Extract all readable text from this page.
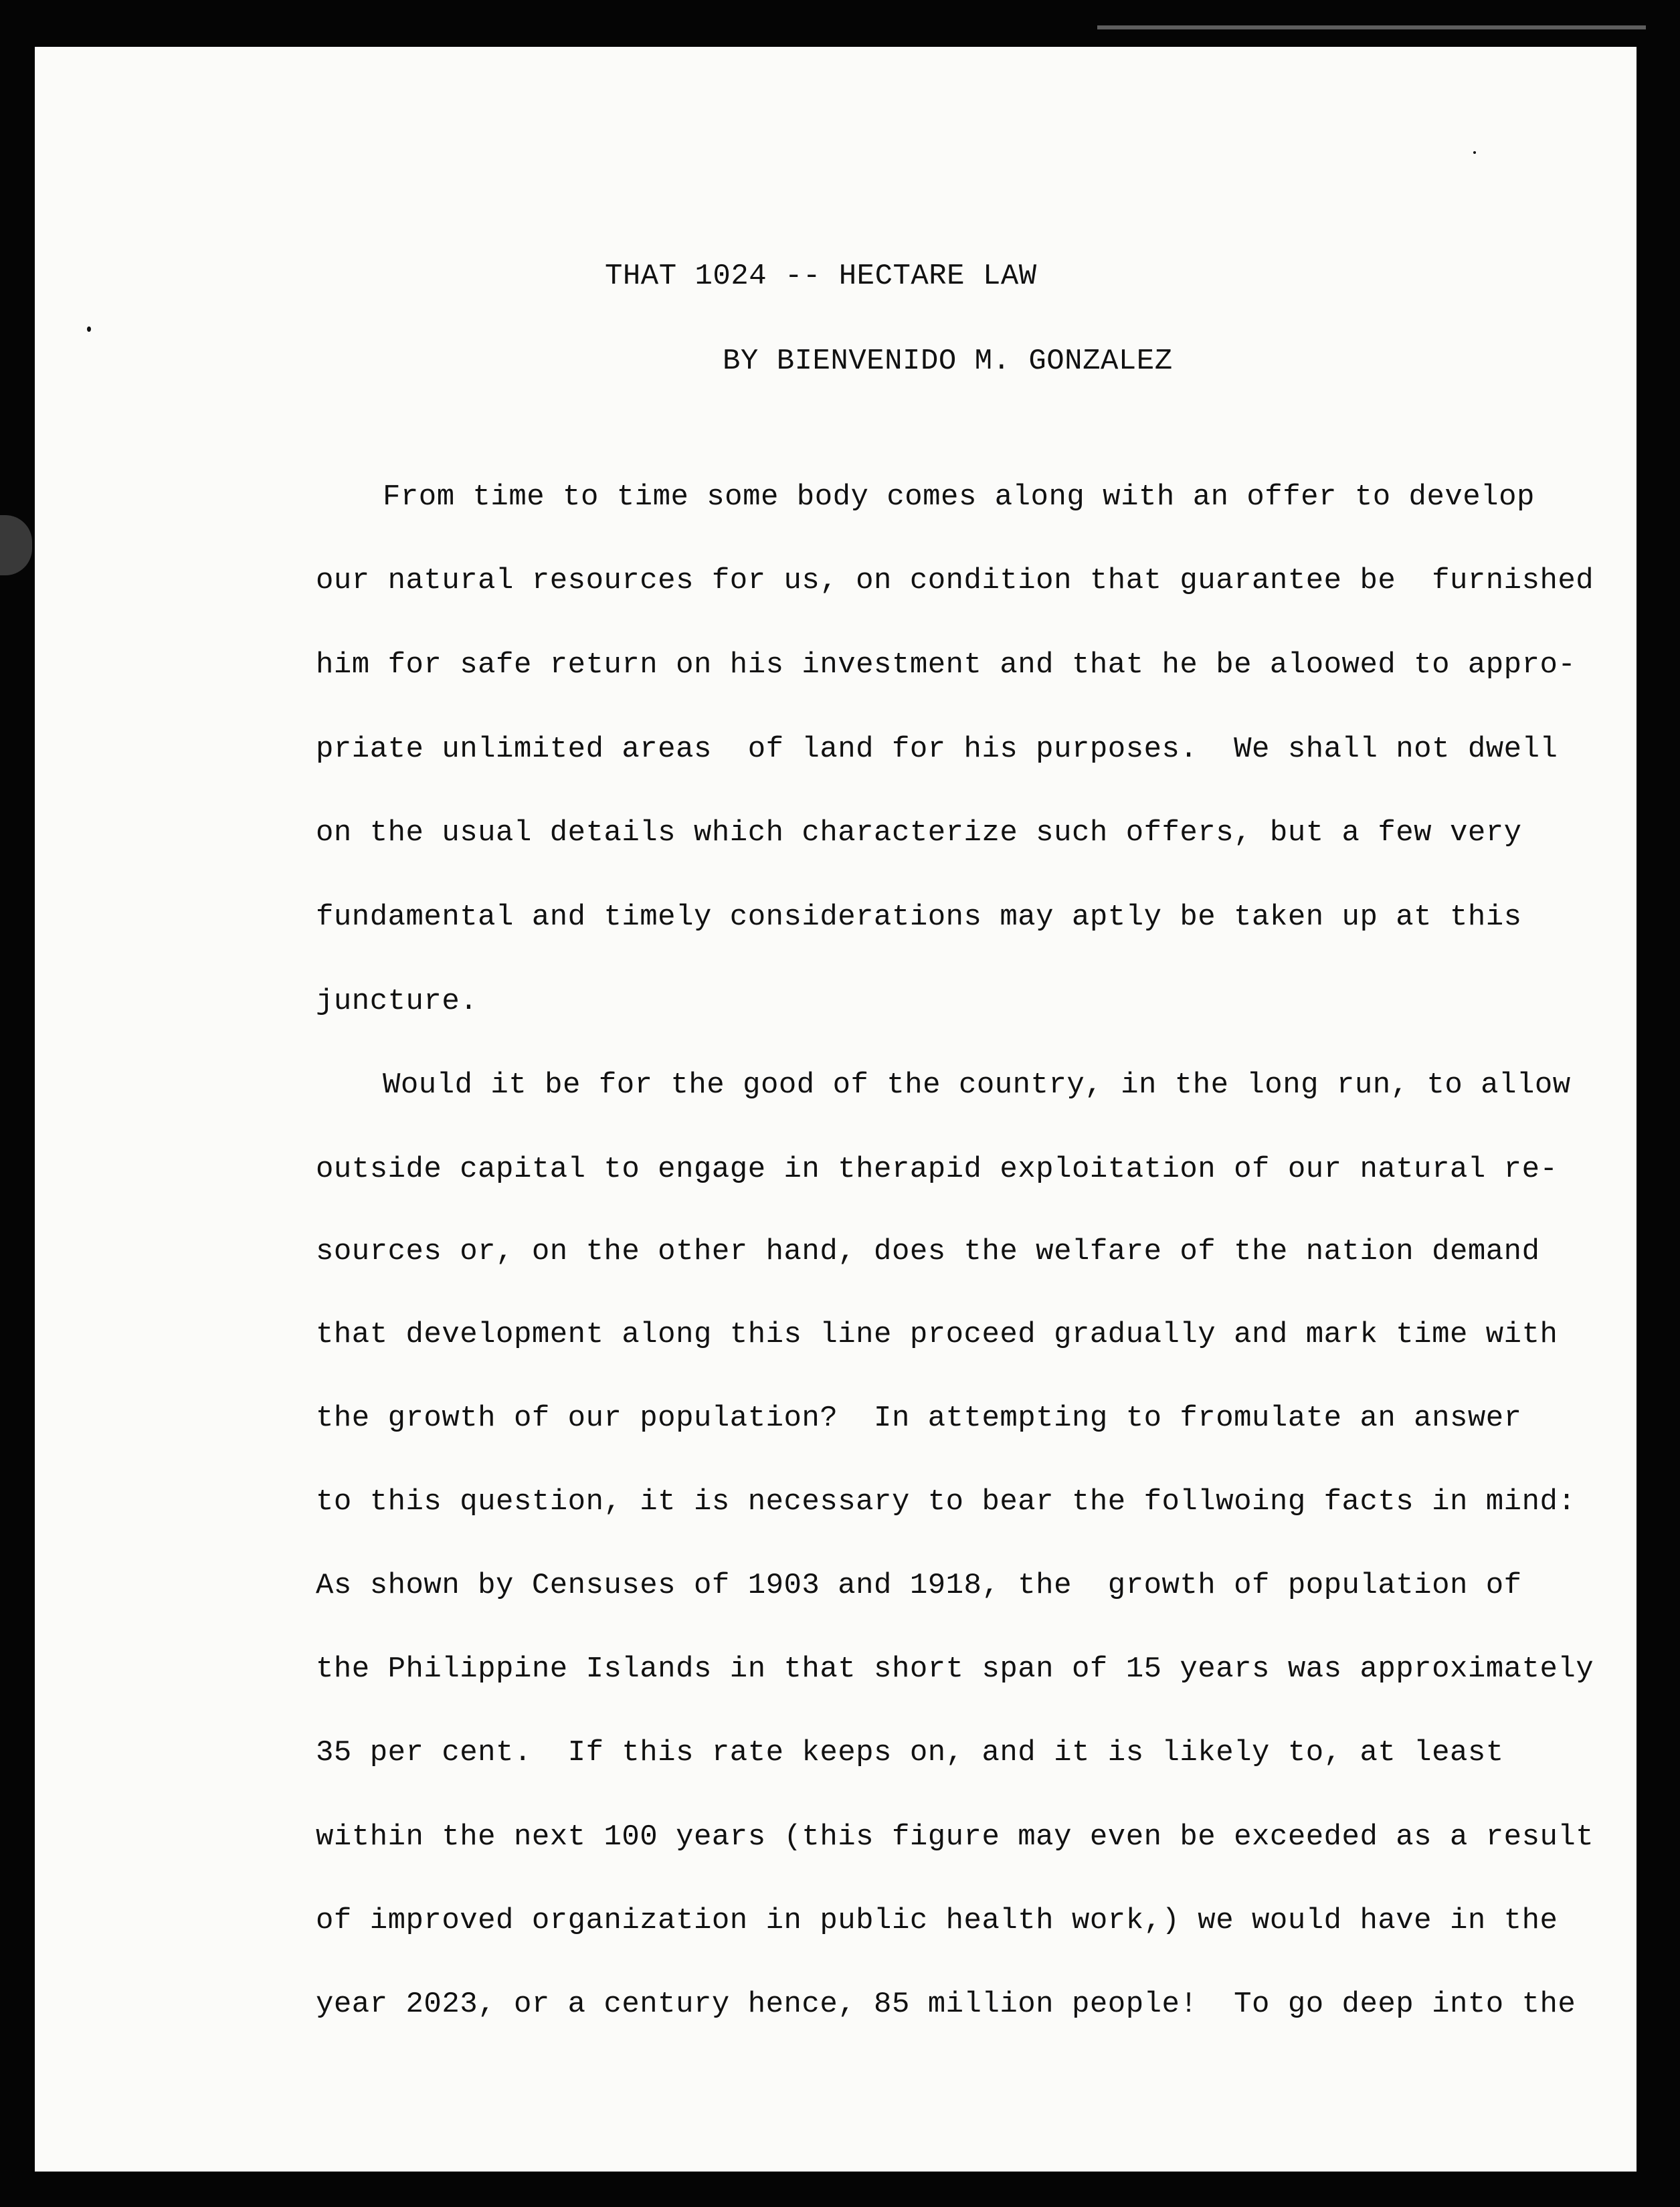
THAT 1024 -- HECTARE LAW
BY BIENVENIDO M. GONZALEZ
From time to time some body comes along with an offer to develop
our natural resources for us, on condition that guarantee be  furnished
him for safe return on his investment and that he be aloowed to appro-
priate unlimited areas  of land for his purposes.  We shall not dwell
on the usual details which characterize such offers, but a few very
fundamental and timely considerations may aptly be taken up at this
juncture.
Would it be for the good of the country, in the long run, to allow
outside capital to engage in therapid exploitation of our natural re-
sources or, on the other hand, does the welfare of the nation demand
that development along this line proceed gradually and mark time with
the growth of our population?  In attempting to fromulate an answer
to this question, it is necessary to bear the follwoing facts in mind:
As shown by Censuses of 1903 and 1918, the  growth of population of
the Philippine Islands in that short span of 15 years was approximately
35 per cent.  If this rate keeps on, and it is likely to, at least
within the next 100 years (this figure may even be exceeded as a result
of improved organization in public health work,) we would have in the
year 2023, or a century hence, 85 million people!  To go deep into the
